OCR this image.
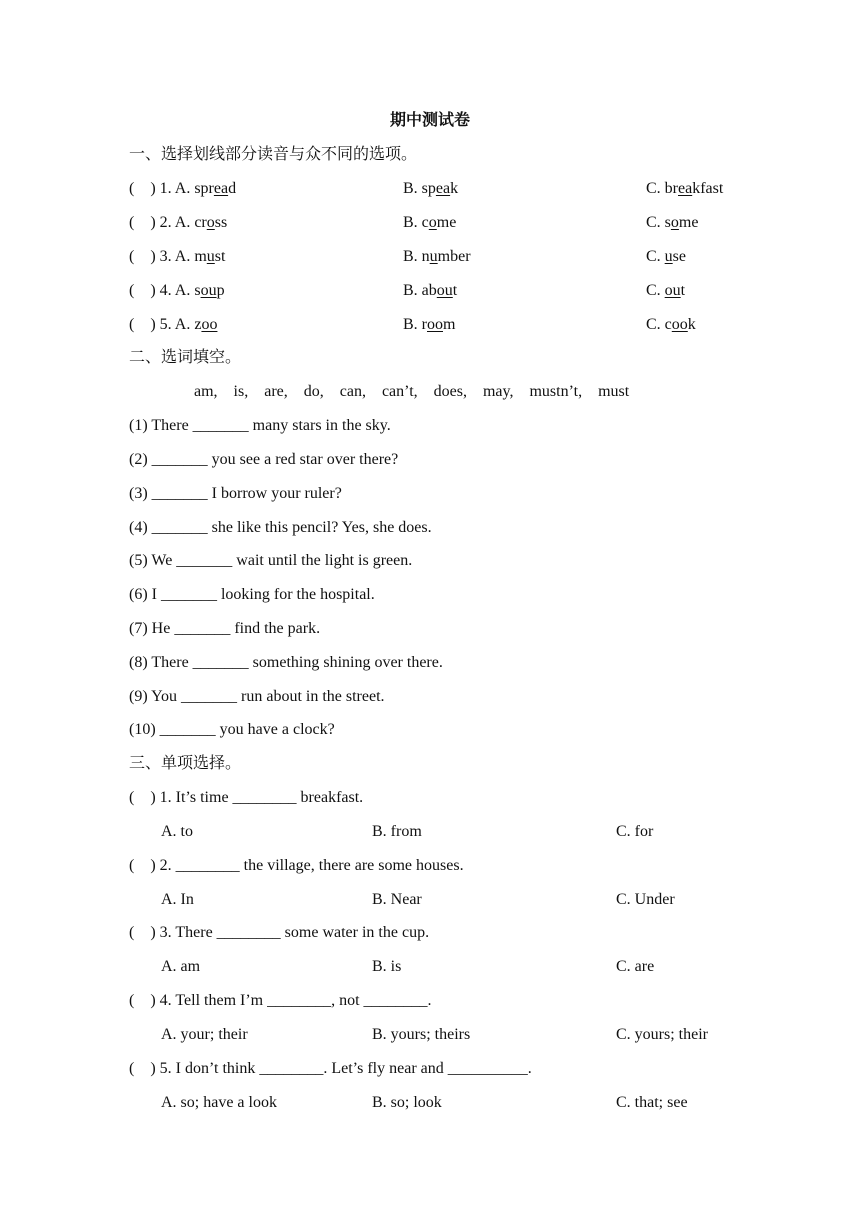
期中测试卷
一、选择划线部分读音与众不同的选项。
(    ) 1. A. spread	B. speak	C. breakfast
(    ) 2. A. cross	B. come	C. some
(    ) 3. A. must	B. number	C. use
(    ) 4. A. soup	B. about	C. out
(    ) 5. A. zoo	B. room	C. cook
二、选词填空。
am,    is,    are,    do,    can,    can’t,    does,    may,    mustn’t,    must
(1) There _______ many stars in the sky.
(2) _______ you see a red star over there?
(3) _______ I borrow your ruler?
(4) _______ she like this pencil? Yes, she does.
(5) We _______ wait until the light is green.
(6) I _______ looking for the hospital.
(7) He _______ find the park.
(8) There _______ something shining over there.
(9) You _______ run about in the street.
(10) _______ you have a clock?
三、单项选择。
(    ) 1. It’s time ________ breakfast.
A. to	B. from	C. for
(    ) 2. ________ the village, there are some houses.
A. In	B. Near	C. Under
(    ) 3. There ________ some water in the cup.
A. am	B. is	C. are
(    ) 4. Tell them I’m ________, not ________.
A. your; their	B. yours; theirs	C. yours; their
(    ) 5. I don’t think ________. Let’s fly near and __________.
A. so; have a look	B. so; look	C. that; see
